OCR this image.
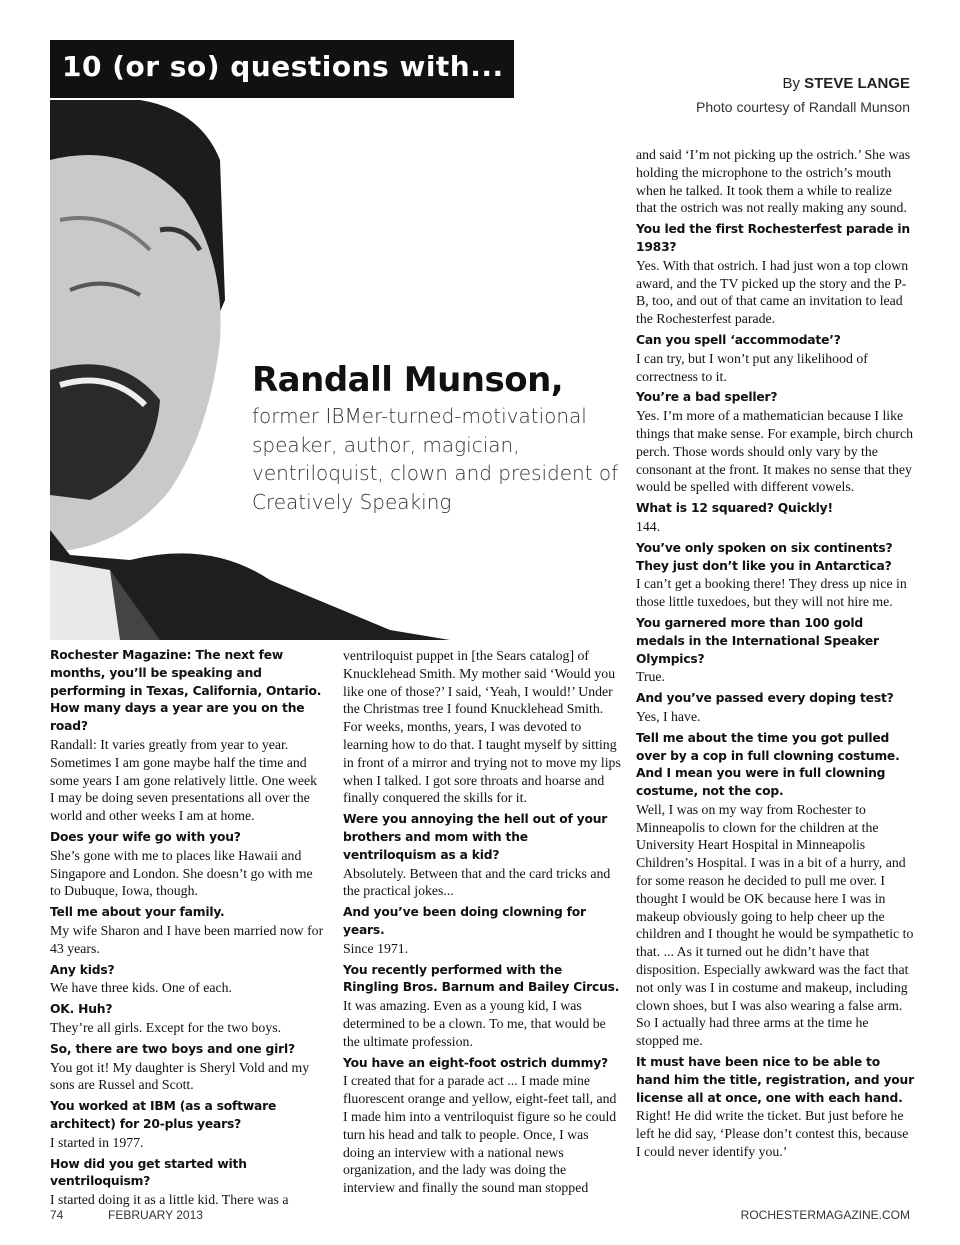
10 (or so) questions with...
By STEVE LANGE
Photo courtesy of Randall Munson
Randall Munson,
former IBMer-turned-motivational speaker, author, magician, ventriloquist, clown and president of Creatively Speaking
Rochester Magazine: The next few months, you’ll be speaking and performing in Texas, California, Ontario. How many days a year are you on the road?
Randall: It varies greatly from year to year. Sometimes I am gone maybe half the time and some years I am gone relatively little. One week I may be doing seven presentations all over the world and other weeks I am at home.
Does your wife go with you?
She’s gone with me to places like Hawaii and Singapore and London. She doesn’t go with me to Dubuque, Iowa, though.
Tell me about your family.
My wife Sharon and I have been married now for 43 years.
Any kids?
We have three kids. One of each.
OK. Huh?
They’re all girls. Except for the two boys.
So, there are two boys and one girl?
You got it! My daughter is Sheryl Vold and my sons are Russel and Scott.
You worked at IBM (as a software architect) for 20-plus years?
I started in 1977.
How did you get started with ventriloquism?
I started doing it as a little kid. There was a
ventriloquist puppet in [the Sears catalog] of Knucklehead Smith. My mother said ‘Would you like one of those?’ I said, ‘Yeah, I would!’ Under the Christmas tree I found Knucklehead Smith. For weeks, months, years, I was devoted to learning how to do that. I taught myself by sitting in front of a mirror and trying not to move my lips when I talked. I got sore throats and hoarse and finally conquered the skills for it.
Were you annoying the hell out of your brothers and mom with the ventriloquism as a kid?
Absolutely. Between that and the card tricks and the practical jokes...
And you’ve been doing clowning for years.
Since 1971.
You recently performed with the Ringling Bros. Barnum and Bailey Circus.
It was amazing. Even as a young kid, I was determined to be a clown. To me, that would be the ultimate profession.
You have an eight-foot ostrich dummy?
I created that for a parade act ... I made mine fluorescent orange and yellow, eight-feet tall, and I made him into a ventriloquist figure so he could turn his head and talk to people. Once, I was doing an interview with a national news organization, and the lady was doing the interview and finally the sound man stopped
and said ‘I’m not picking up the ostrich.’ She was holding the microphone to the ostrich’s mouth when he talked. It took them a while to realize that the ostrich was not really making any sound.
You led the first Rochesterfest parade in 1983?
Yes. With that ostrich. I had just won a top clown award, and the TV picked up the story and the P-B, too, and out of that came an invitation to lead the Rochesterfest parade.
Can you spell ‘accommodate’?
I can try, but I won’t put any likelihood of correctness to it.
You’re a bad speller?
Yes. I’m more of a mathematician because I like things that make sense. For example, birch church perch. Those words should only vary by the consonant at the front. It makes no sense that they would be spelled with different vowels.
What is 12 squared? Quickly!
144.
You’ve only spoken on six continents? They just don’t like you in Antarctica?
I can’t get a booking there! They dress up nice in those little tuxedoes, but they will not hire me.
You garnered more than 100 gold medals in the International Speaker Olympics?
True.
And you’ve passed every doping test?
Yes, I have.
Tell me about the time you got pulled over by a cop in full clowning costume. And I mean you were in full clowning costume, not the cop.
Well, I was on my way from Rochester to Minneapolis to clown for the children at the University Heart Hospital in Minneapolis Children’s Hospital. I was in a bit of a hurry, and for some reason he decided to pull me over. I thought I would be OK because here I was in makeup obviously going to help cheer up the children and I thought he would be sympathetic to that. ... As it turned out he didn’t have that disposition. Especially awkward was the fact that not only was I in costume and makeup, including clown shoes, but I was also wearing a false arm. So I actually had three arms at the time he stopped me.
It must have been nice to be able to hand him the title, registration, and your license all at once, one with each hand.
Right! He did write the ticket. But just before he left he did say, ‘Please don’t contest this, because I could never identify you.’
74	FEBRUARY 2013	ROCHESTERMAGAZINE.COM
